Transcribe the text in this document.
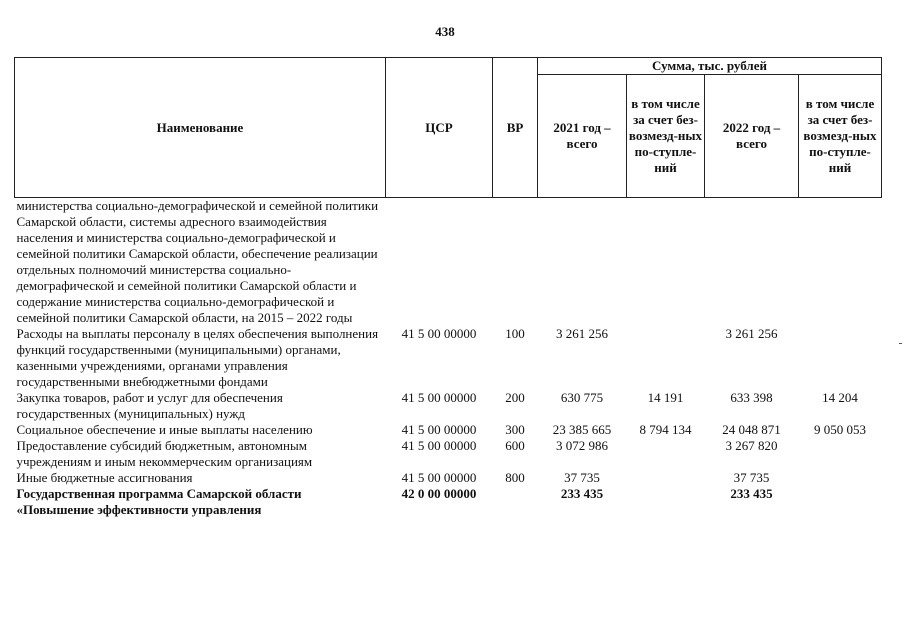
438
Наименование	ЦСР	ВР	Сумма, тыс. рублей			
			2021 год – всего	в том числе за счет без-возмезд-ных по-ступле-ний	2022 год – всего	в том числе за счет без-возмезд-ных по-ступле-ний
министерства социально-демографической и семейной политики Самарской области, системы адресного взаимодействия населения и министерства социально-демографической и семейной политики Самарской области, обеспечение реализации отдельных полномочий министерства социально-демографической и семейной политики Самарской области и содержание министерства социально-демографической и семейной политики Самарской области, на 2015 – 2022 годы						
Расходы на выплаты персоналу в целях обеспечения выполнения функций государственными (муниципальными) органами, казенными учреждениями, органами управления государственными внебюджетными фондами	41 5 00 00000	100	3 261 256		3 261 256	
Закупка товаров, работ и услуг для обеспечения государственных (муниципальных) нужд	41 5 00 00000	200	630 775	14 191	633 398	14 204
Социальное обеспечение и иные выплаты населению	41 5 00 00000	300	23 385 665	8 794 134	24 048 871	9 050 053
Предоставление субсидий бюджетным, автономным учреждениям и иным некоммерческим организациям	41 5 00 00000	600	3 072 986		3 267 820	
Иные бюджетные ассигнования	41 5 00 00000	800	37 735		37 735	
Государственная программа Самарской области «Повышение эффективности управления	42 0 00 00000		233 435		233 435	
